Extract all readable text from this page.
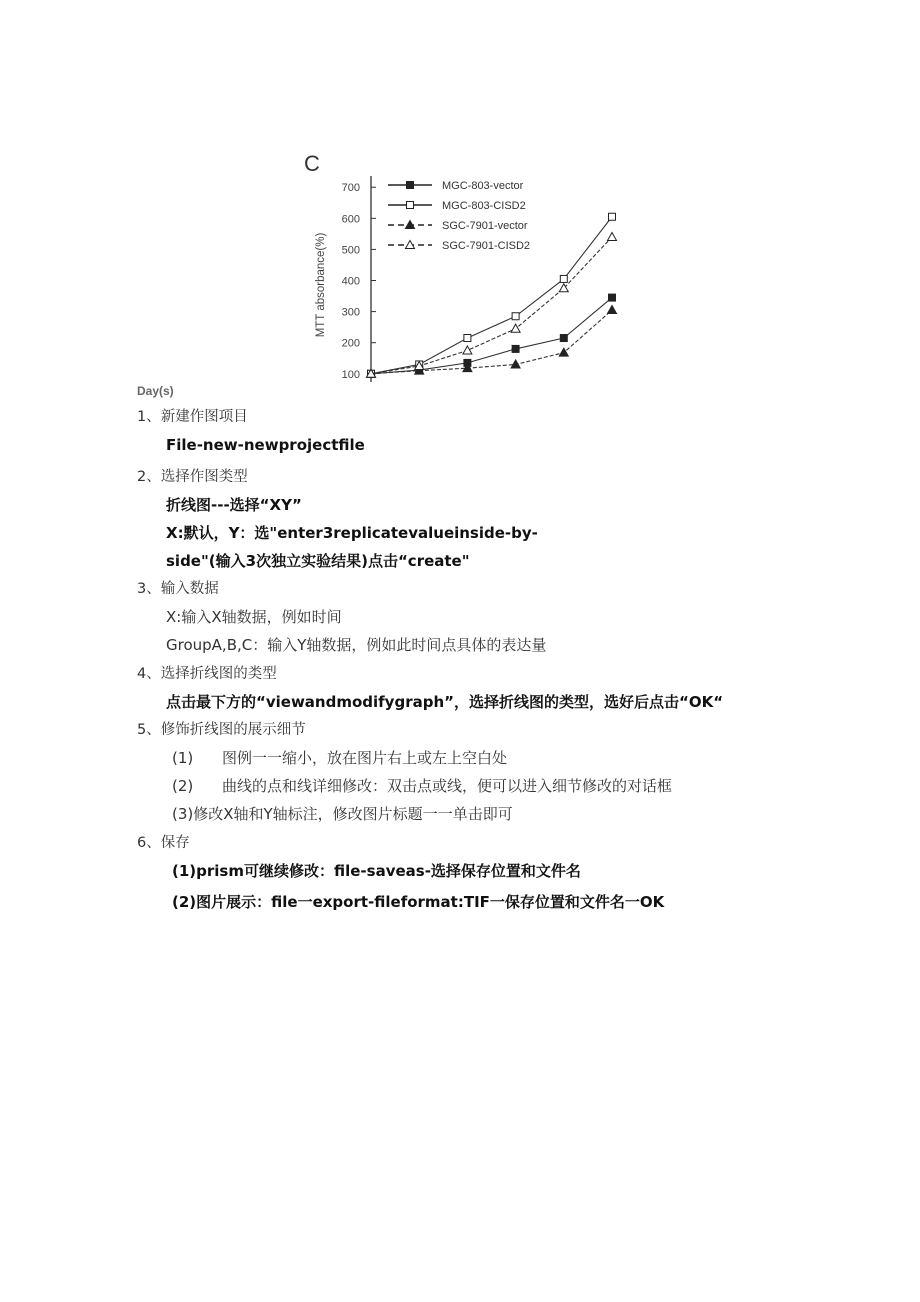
C
100
200
300
400
500
600
700
MTT absorbance(%)
MGC-803-vector
MGC-803-CISD2
SGC-7901-vector
SGC-7901-CISD2
Day(s)
1、新建作图项目
File-new-newprojectfile
2、选择作图类型
折线图---选择“XY”
X:默认，Y：选"enter3replicatevalueinside-by-
side"(输入3次独立实验结果)点击“create"
3、输入数据
X:输入X轴数据，例如时间
GroupA,B,C：输入Y轴数据，例如此时间点具体的表达量
4、选择折线图的类型
点击最下方的“viewandmodifygraph”，选择折线图的类型，选好后点击“OK“
5、修饰折线图的展示细节
(1) 图例一一缩小，放在图片右上或左上空白处
(2) 曲线的点和线详细修改：双击点或线，便可以进入细节修改的对话框
(3)修改X轴和Y轴标注，修改图片标题一一单击即可
6、保存
(1)prism可继续修改：file-saveas-选择保存位置和文件名
(2)图片展示：file一export-fileformat:TIF一保存位置和文件名一OK
